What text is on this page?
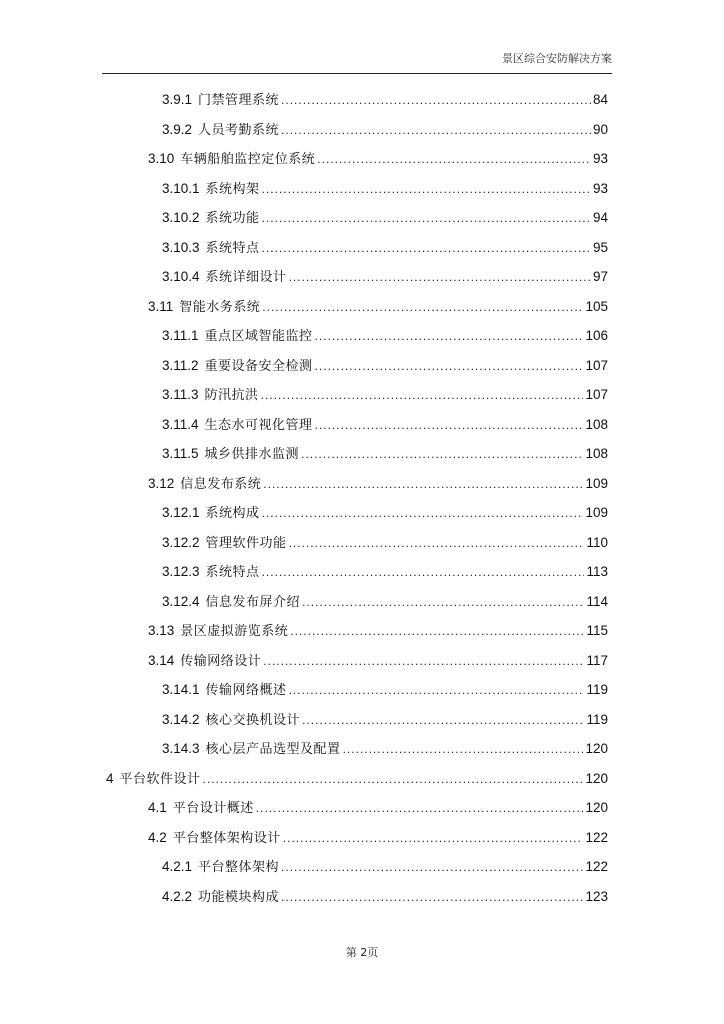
景区综合安防解决方案
3.9.1 门禁管理系统 .....	84
3.9.2 人员考勤系统 .....	90
3.10 车辆船舶监控定位系统 .....	93
3.10.1 系统构架 .....	93
3.10.2 系统功能 .....	94
3.10.3 系统特点 .....	95
3.10.4 系统详细设计 .....	97
3.11 智能水务系统 .....	105
3.11.1 重点区域智能监控 .....	106
3.11.2 重要设备安全检测 .....	107
3.11.3 防汛抗洪 .....	107
3.11.4 生态水可视化管理 .....	108
3.11.5 城乡供排水监测 .....	108
3.12 信息发布系统 .....	109
3.12.1 系统构成 .....	109
3.12.2 管理软件功能 .....	110
3.12.3 系统特点 .....	113
3.12.4 信息发布屏介绍 .....	114
3.13 景区虚拟游览系统 .....	115
3.14 传输网络设计 .....	117
3.14.1 传输网络概述 .....	119
3.14.2 核心交换机设计 .....	119
3.14.3 核心层产品选型及配置 .....	120
4 平台软件设计 .....	120
4.1 平台设计概述 .....	120
4.2 平台整体架构设计 .....	122
4.2.1 平台整体架构 .....	122
4.2.2 功能模块构成 .....	123
第 2页
